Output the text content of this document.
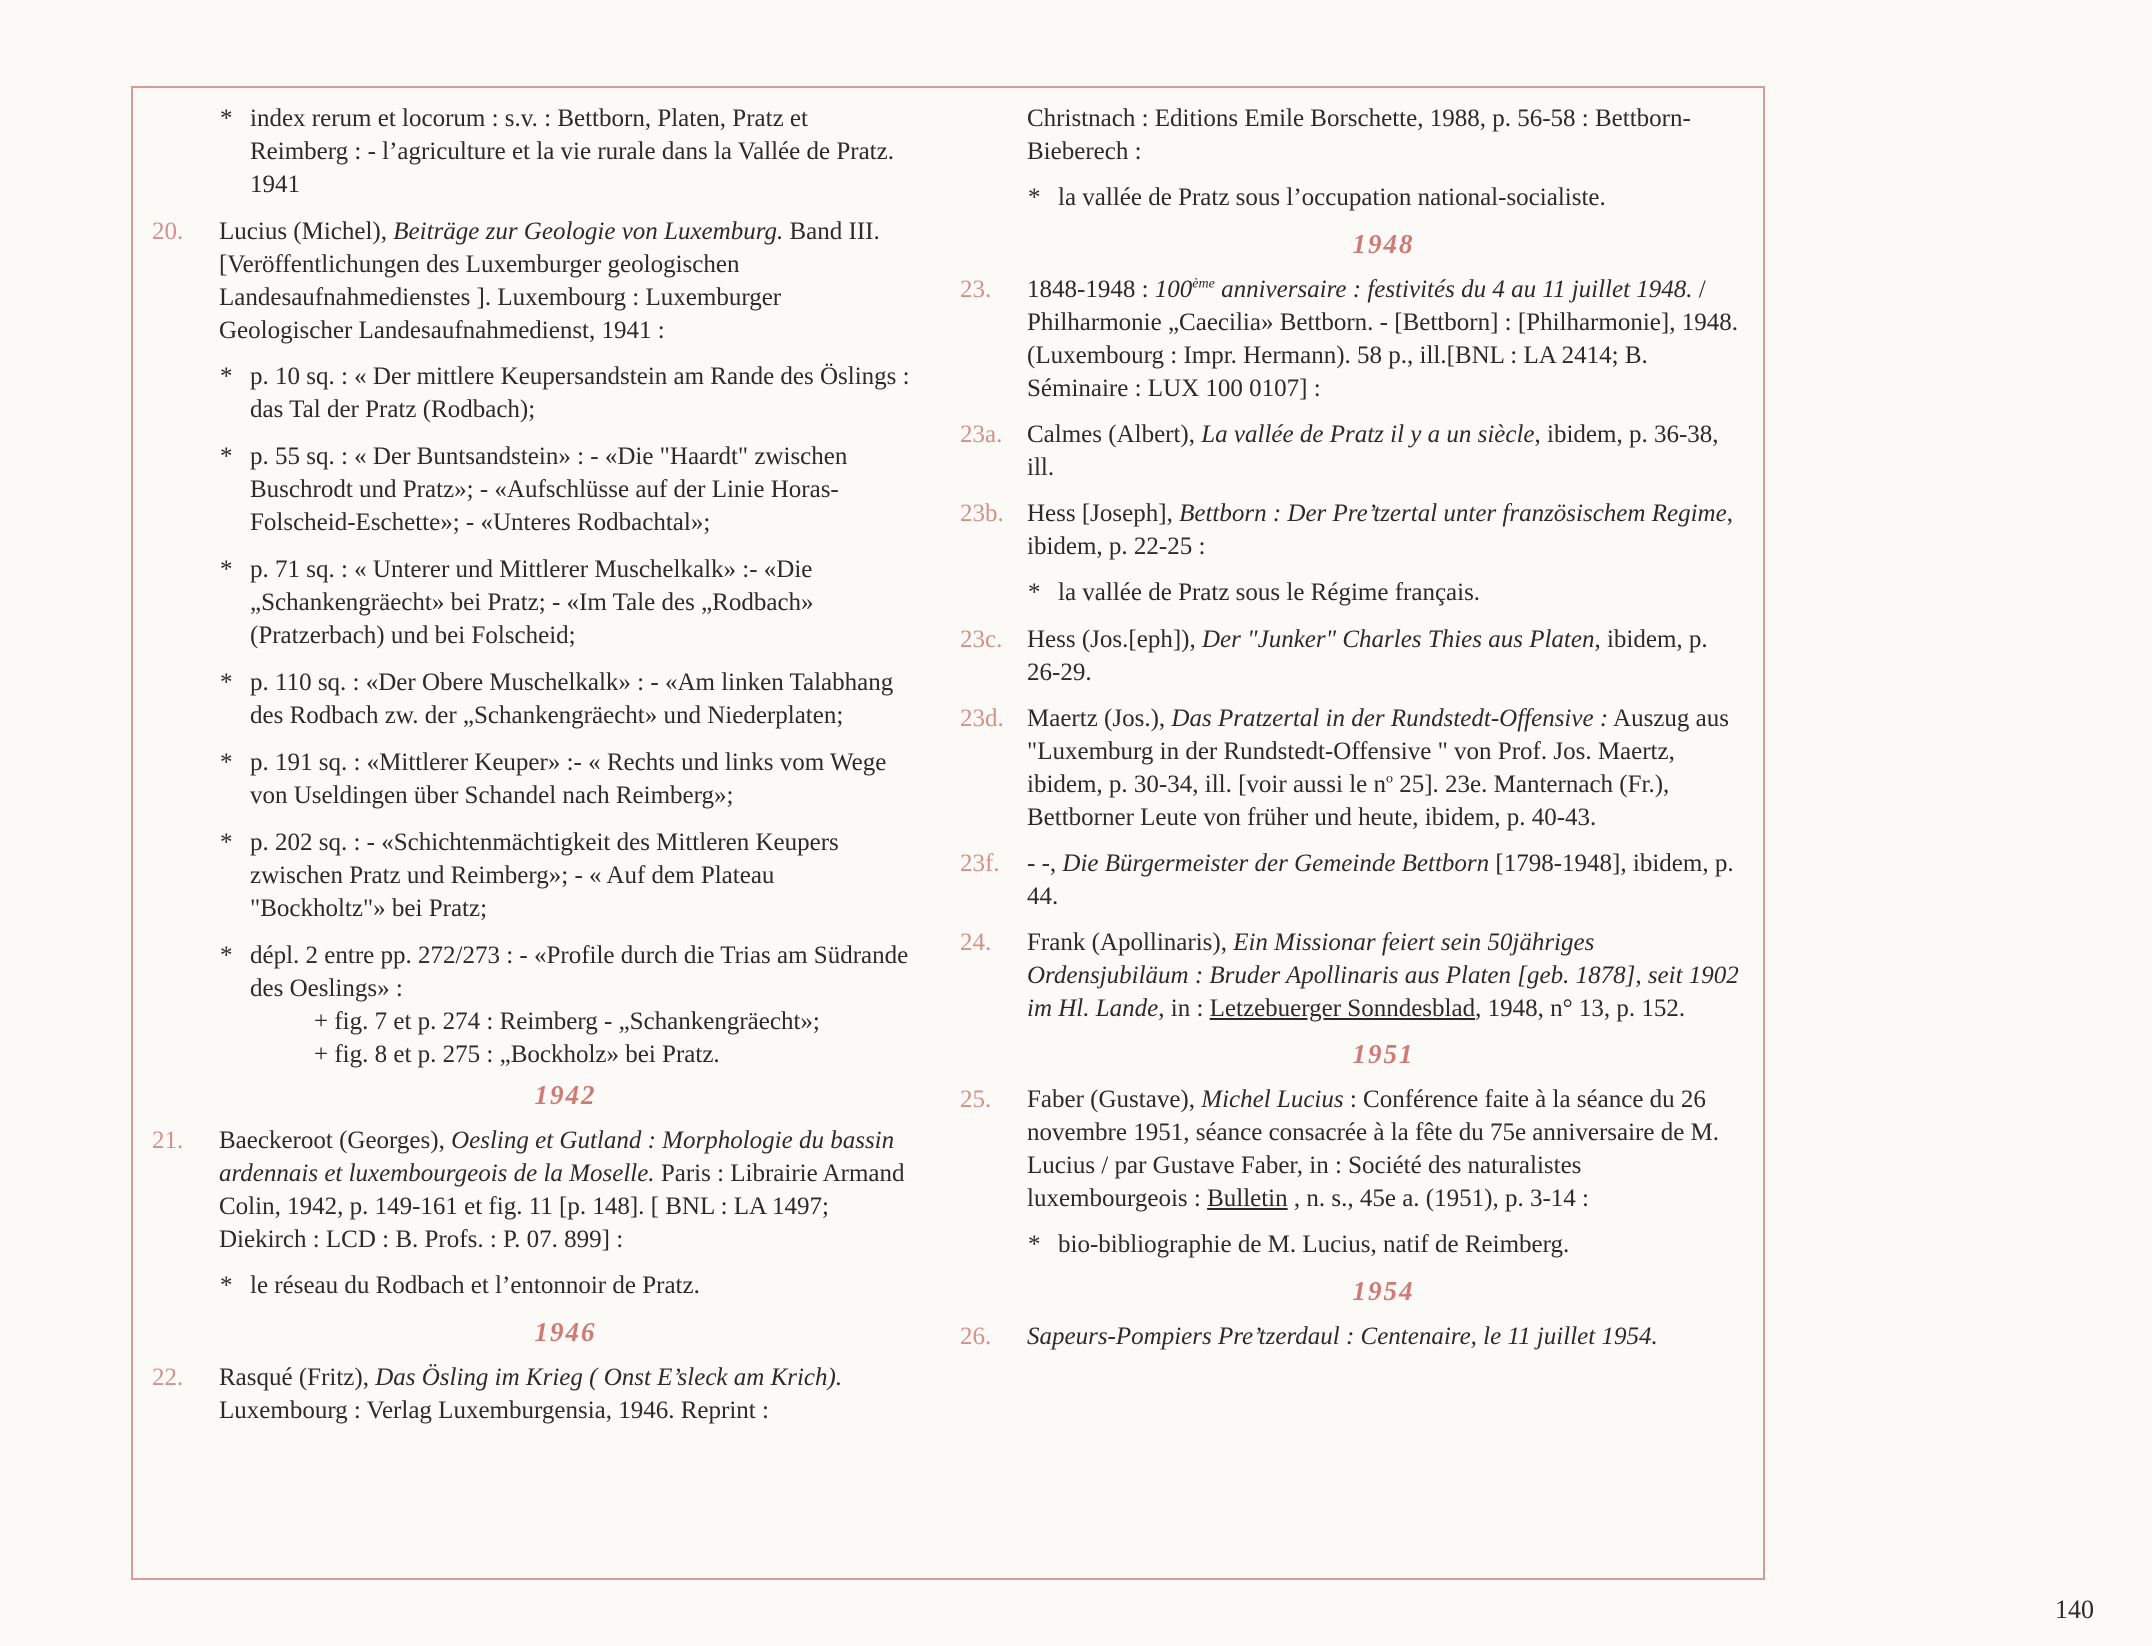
* index rerum et locorum : s.v. : Bettborn, Platen, Pratz et Reimberg : - l’agriculture et la vie rurale dans la Vallée de Pratz. 1941
20. Lucius (Michel), Beiträge zur Geologie von Luxemburg. Band III. [Veröffentlichungen des Luxemburger geologischen Landesaufnahmedienstes ]. Luxembourg : Luxemburger Geologischer Landesaufnahmedienst, 1941 :
* p. 10 sq. : « Der mittlere Keupersandstein am Rande des Öslings : das Tal der Pratz (Rodbach);
* p. 55 sq. : « Der Buntsandstein» : - «Die "Haardt" zwischen Buschrodt und Pratz»; - «Aufschlüsse auf der Linie Horas-Folscheid-Eschette»; - «Unteres Rodbachtal»;
* p. 71 sq. : « Unterer und Mittlerer Muschelkalk» :- «Die „Schankengräecht» bei Pratz; - «Im Tale des „Rodbach» (Pratzerbach) und bei Folscheid;
* p. 110 sq. : «Der Obere Muschelkalk» : - «Am linken Talabhang des Rodbach zw. der „Schankengräecht» und Niederplaten;
* p. 191 sq. : «Mittlerer Keuper» :- « Rechts und links vom Wege von Useldingen über Schandel nach Reimberg»;
* p. 202 sq. : - «Schichtenmächtigkeit des Mittleren Keupers zwischen Pratz und Reimberg»; - « Auf dem Plateau "Bockholtz"» bei Pratz;
* dépl. 2 entre pp. 272/273 : - «Profile durch die Trias am Südrande des Oeslings» :
+ fig. 7 et p. 274 : Reimberg - „Schankengräecht»;
+ fig. 8 et p. 275 : „Bockholz» bei Pratz.
1942
21. Baeckeroot (Georges), Oesling et Gutland : Morphologie du bassin ardennais et luxembourgeois de la Moselle. Paris : Librairie Armand Colin, 1942, p. 149-161 et fig. 11 [p. 148]. [ BNL : LA 1497; Diekirch : LCD : B. Profs. : P. 07. 899] :
* le réseau du Rodbach et l’entonnoir de Pratz.
1946
22. Rasqué (Fritz), Das Ösling im Krieg ( Onst E’sleck am Krich). Luxembourg : Verlag Luxemburgensia, 1946. Reprint :
Christnach : Editions Emile Borschette, 1988, p. 56-58 : Bettborn-Bieberech :
* la vallée de Pratz sous l’occupation national-socialiste.
1948
23. 1848-1948 : 100ème anniversaire : festivités du 4 au 11 juillet 1948. / Philharmonie „Caecilia» Bettborn. - [Bettborn] : [Philharmonie], 1948. (Luxembourg : Impr. Hermann). 58 p., ill.[BNL : LA 2414; B. Séminaire : LUX 100 0107] :
23a. Calmes (Albert), La vallée de Pratz il y a un siècle, ibidem, p. 36-38, ill.
23b. Hess [Joseph], Bettborn : Der Pre’tzertal unter französischem Regime, ibidem, p. 22-25 :
* la vallée de Pratz sous le Régime français.
23c. Hess (Jos.[eph]), Der "Junker" Charles Thies aus Platen, ibidem, p. 26-29.
23d. Maertz (Jos.), Das Pratzertal in der Rundstedt-Offensive : Auszug aus "Luxemburg in der Rundstedt-Offensive " von Prof. Jos. Maertz, ibidem, p. 30-34, ill. [voir aussi le $n^o$ 25]. 23e. Manternach (Fr.), Bettborner Leute von früher und heute, ibidem, p. 40-43.
23f. - -, Die Bürgermeister der Gemeinde Bettborn [1798-1948], ibidem, p. 44.
24. Frank (Apollinaris), Ein Missionar feiert sein 50jähriges Ordensjubiläum : Bruder Apollinaris aus Platen [geb. 1878], seit 1902 im Hl. Lande, in : Letzebuerger Sonndesblad, 1948, n° 13, p. 152.
1951
25. Faber (Gustave), Michel Lucius : Conférence faite à la séance du 26 novembre 1951, séance consacrée à la fête du 75e anniversaire de M. Lucius / par Gustave Faber, in : Société des naturalistes luxembourgeois : Bulletin , n. s., 45e a. (1951), p. 3-14 :
* bio-bibliographie de M. Lucius, natif de Reimberg.
1954
26. Sapeurs-Pompiers Pre’tzerdaul : Centenaire, le 11 juillet 1954.
140
